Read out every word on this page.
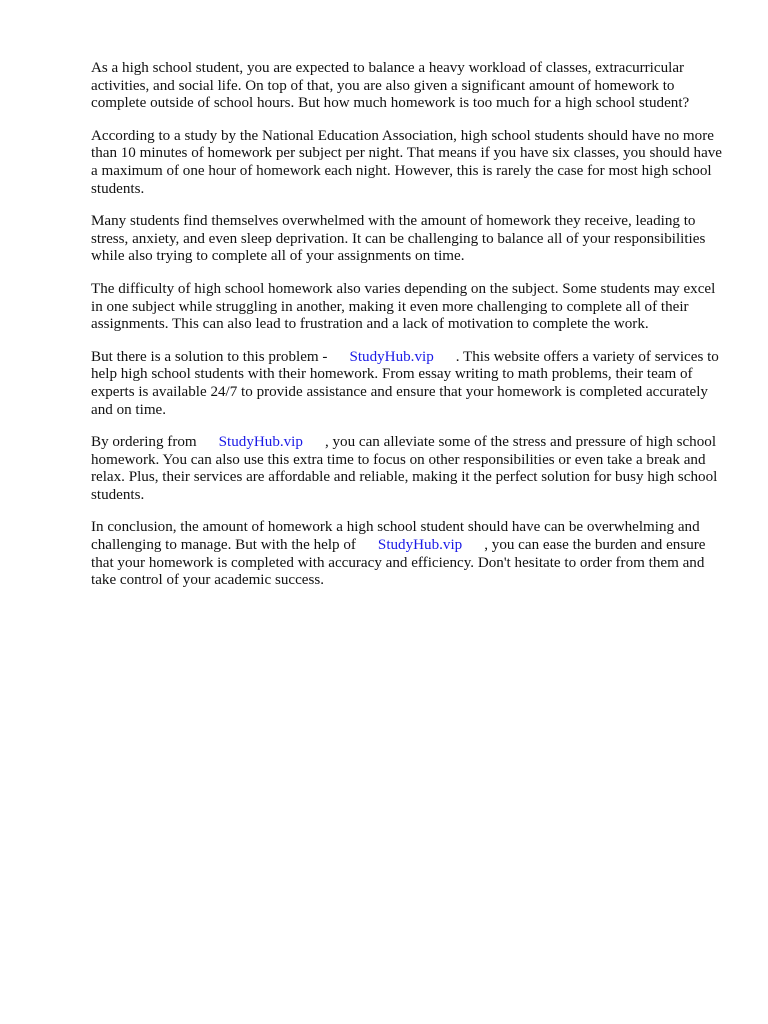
As a high school student, you are expected to balance a heavy workload of classes, extracurricular activities, and social life. On top of that, you are also given a significant amount of homework to complete outside of school hours. But how much homework is too much for a high school student?

According to a study by the National Education Association, high school students should have no more than 10 minutes of homework per subject per night. That means if you have six classes, you should have a maximum of one hour of homework each night. However, this is rarely the case for most high school students.

Many students find themselves overwhelmed with the amount of homework they receive, leading to stress, anxiety, and even sleep deprivation. It can be challenging to balance all of your responsibilities while also trying to complete all of your assignments on time.

The difficulty of high school homework also varies depending on the subject. Some students may excel in one subject while struggling in another, making it even more challenging to complete all of their assignments. This can also lead to frustration and a lack of motivation to complete the work.

But there is a solution to this problem - StudyHub.vip . This website offers a variety of services to help high school students with their homework. From essay writing to math problems, their team of experts is available 24/7 to provide assistance and ensure that your homework is completed accurately and on time.

By ordering from StudyHub.vip , you can alleviate some of the stress and pressure of high school homework. You can also use this extra time to focus on other responsibilities or even take a break and relax. Plus, their services are affordable and reliable, making it the perfect solution for busy high school students.

In conclusion, the amount of homework a high school student should have can be overwhelming and challenging to manage. But with the help of StudyHub.vip , you can ease the burden and ensure that your homework is completed with accuracy and efficiency. Don't hesitate to order from them and take control of your academic success.
